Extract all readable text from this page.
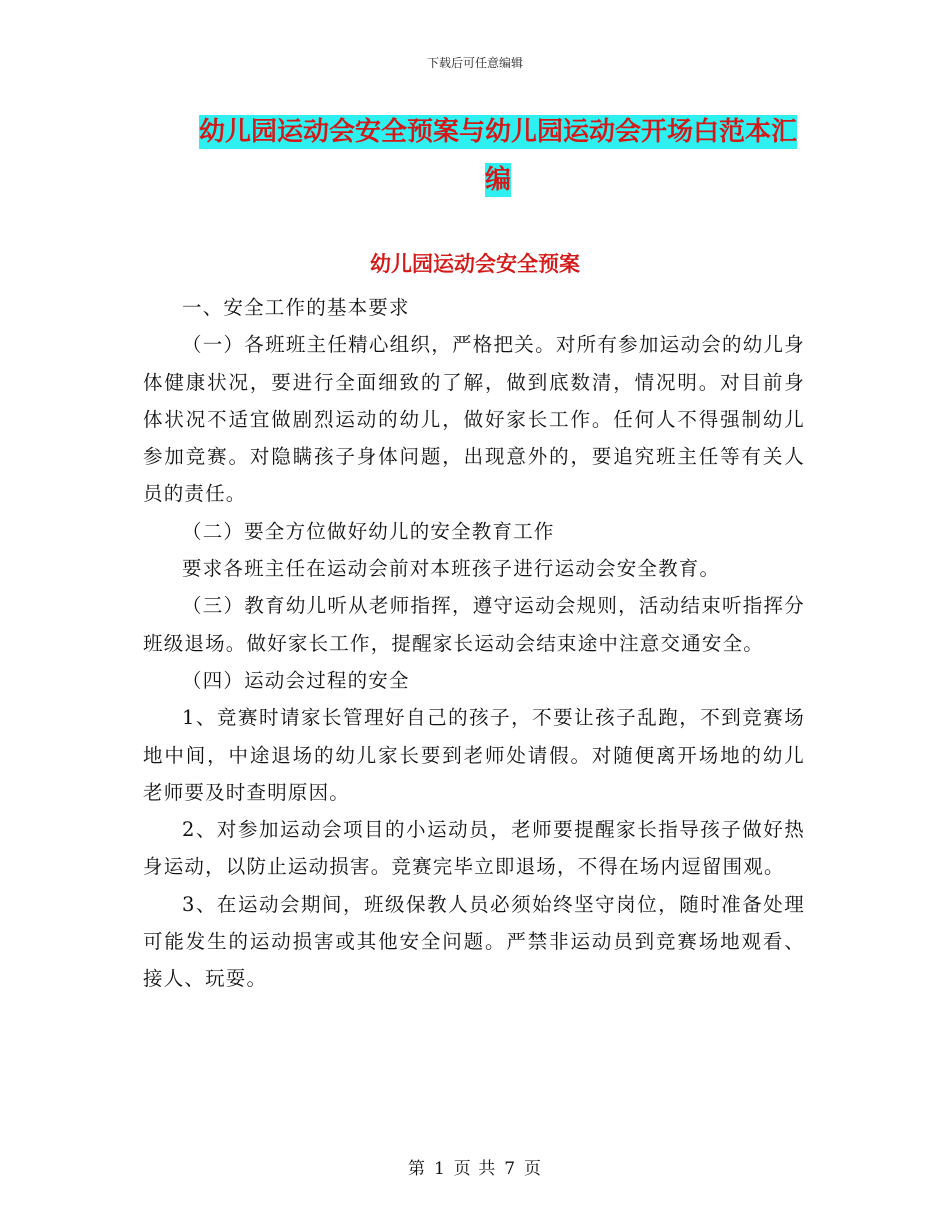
下载后可任意编辑
幼儿园运动会安全预案与幼儿园运动会开场白范本汇编
幼儿园运动会安全预案

一、安全工作的基本要求

（一）各班班主任精心组织，严格把关。对所有参加运动会的幼儿身体健康状况，要进行全面细致的了解，做到底数清，情况明。对目前身体状况不适宜做剧烈运动的幼儿，做好家长工作。任何人不得强制幼儿参加竞赛。对隐瞒孩子身体问题，出现意外的，要追究班主任等有关人员的责任。

（二）要全方位做好幼儿的安全教育工作

要求各班主任在运动会前对本班孩子进行运动会安全教育。

（三）教育幼儿听从老师指挥，遵守运动会规则，活动结束听指挥分班级退场。做好家长工作，提醒家长运动会结束途中注意交通安全。

（四）运动会过程的安全

1、竞赛时请家长管理好自己的孩子，不要让孩子乱跑，不到竞赛场地中间，中途退场的幼儿家长要到老师处请假。对随便离开场地的幼儿老师要及时查明原因。

2、对参加运动会项目的小运动员，老师要提醒家长指导孩子做好热身运动，以防止运动损害。竞赛完毕立即退场，不得在场内逗留围观。

3、在运动会期间，班级保教人员必须始终坚守岗位，随时准备处理可能发生的运动损害或其他安全问题。严禁非运动员到竞赛场地观看、接人、玩耍。

第 1 页 共 7 页
